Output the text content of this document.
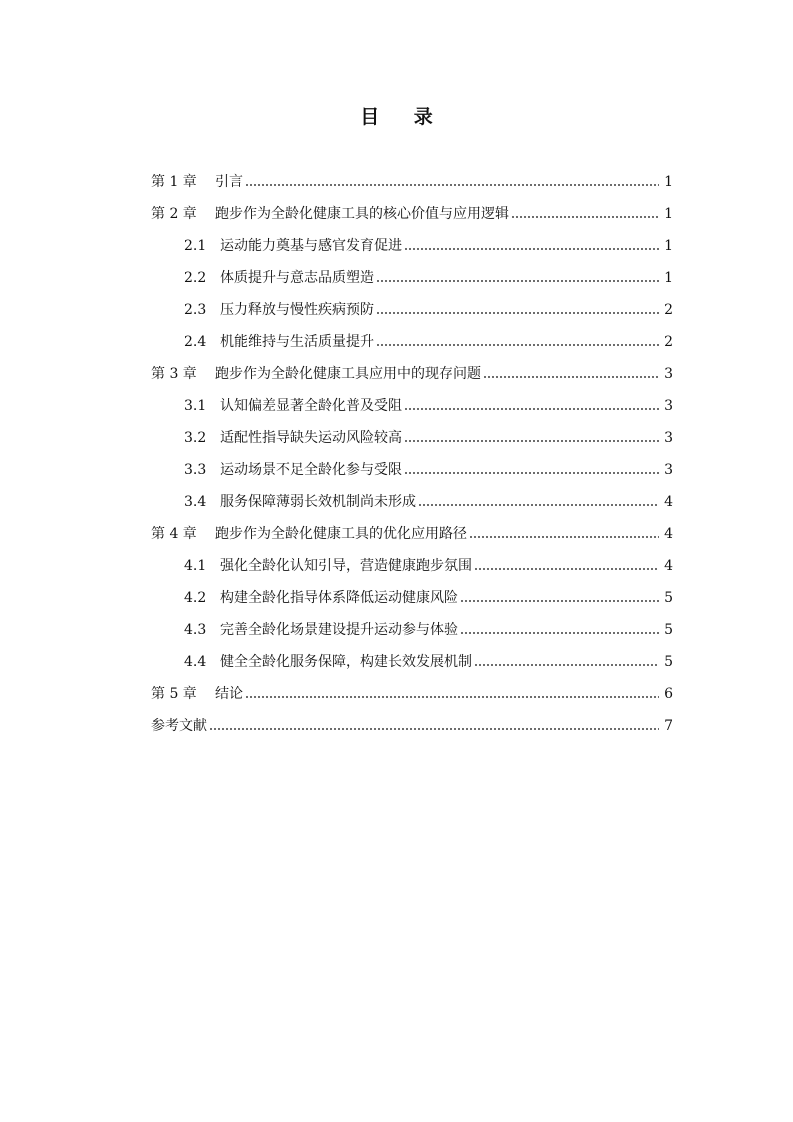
目 录
第 1 章	引言	1
第 2 章	跑步作为全龄化健康工具的核心价值与应用逻辑	1
2.1 运动能力奠基与感官发育促进	1
2.2 体质提升与意志品质塑造	1
2.3 压力释放与慢性疾病预防	2
2.4 机能维持与生活质量提升	2
第 3 章	跑步作为全龄化健康工具应用中的现存问题	3
3.1 认知偏差显著全龄化普及受阻	3
3.2 适配性指导缺失运动风险较高	3
3.3 运动场景不足全龄化参与受限	3
3.4 服务保障薄弱长效机制尚未形成	4
第 4 章	跑步作为全龄化健康工具的优化应用路径	4
4.1 强化全龄化认知引导，营造健康跑步氛围	4
4.2 构建全龄化指导体系降低运动健康风险	5
4.3 完善全龄化场景建设提升运动参与体验	5
4.4 健全全龄化服务保障，构建长效发展机制	5
第 5 章	结论	6
参考文献	7
